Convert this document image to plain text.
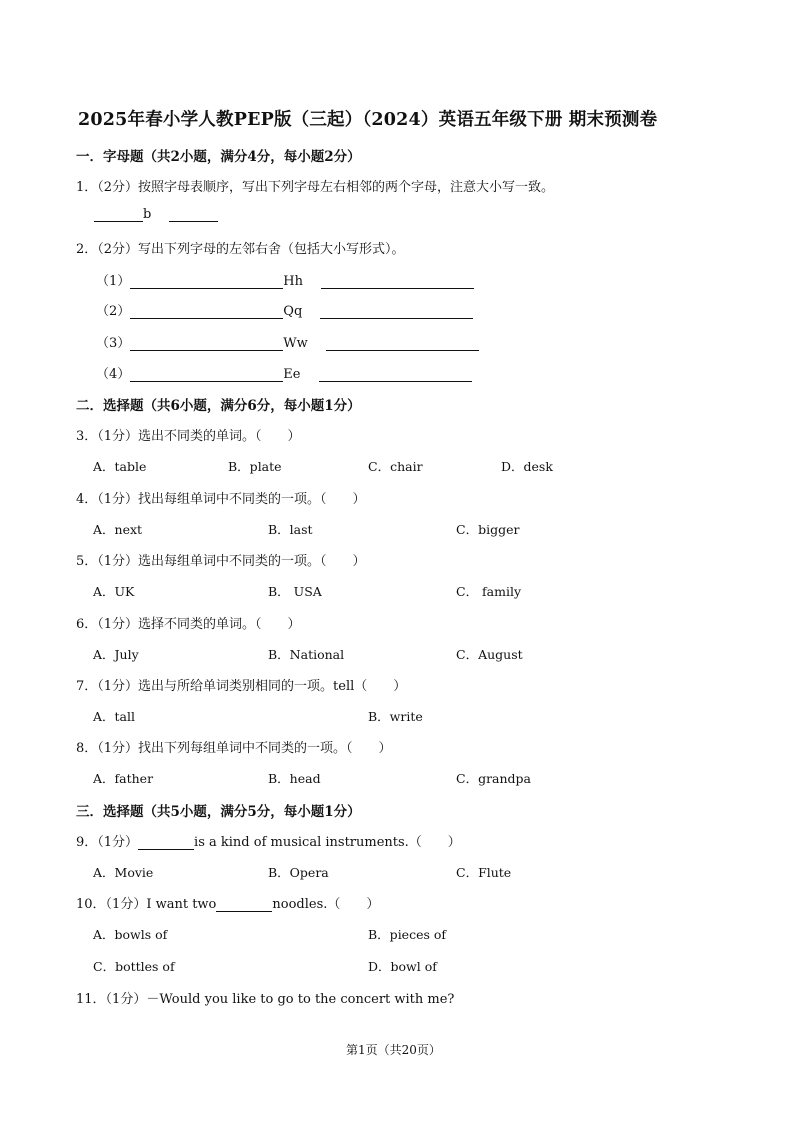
2025年春小学人教PEP版（三起）（2024）英语五年级下册 期末预测卷
一．字母题（共2小题，满分4分，每小题2分）
1．（2分）按照字母表顺序，写出下列字母左右相邻的两个字母，注意大小写一致。
b
2．（2分）写出下列字母的左邻右舍（包括大小写形式）。
（1）	Hh
（2）	Qq
（3）	Ww
（4）	Ee
二．选择题（共6小题，满分6分，每小题1分）
3．（1分）选出不同类的单词。（　　）
A．table	B．plate	C．chair	D．desk
4．（1分）找出每组单词中不同类的一项。（　　）
A．next	B．last	C．bigger
5．（1分）选出每组单词中不同类的一项。（　　）
A．UK	B． USA	C． family
6．（1分）选择不同类的单词。（　　）
A．July	B．National	C．August
7．（1分）选出与所给单词类别相同的一项。tell（　　）
A．tall	B．write
8．（1分）找出下列每组单词中不同类的一项。（　　）
A．father	B．head	C．grandpa
三．选择题（共5小题，满分5分，每小题1分）
9．（1分）	is a kind of musical instruments.（　　）
A．Movie	B．Opera	C．Flute
10．（1分）I want two	noodles.（　　）
A．bowls of	B．pieces of
C．bottles of	D．bowl of
11．（1分）－Would you like to go to the concert with me?
第1页（共20页）
